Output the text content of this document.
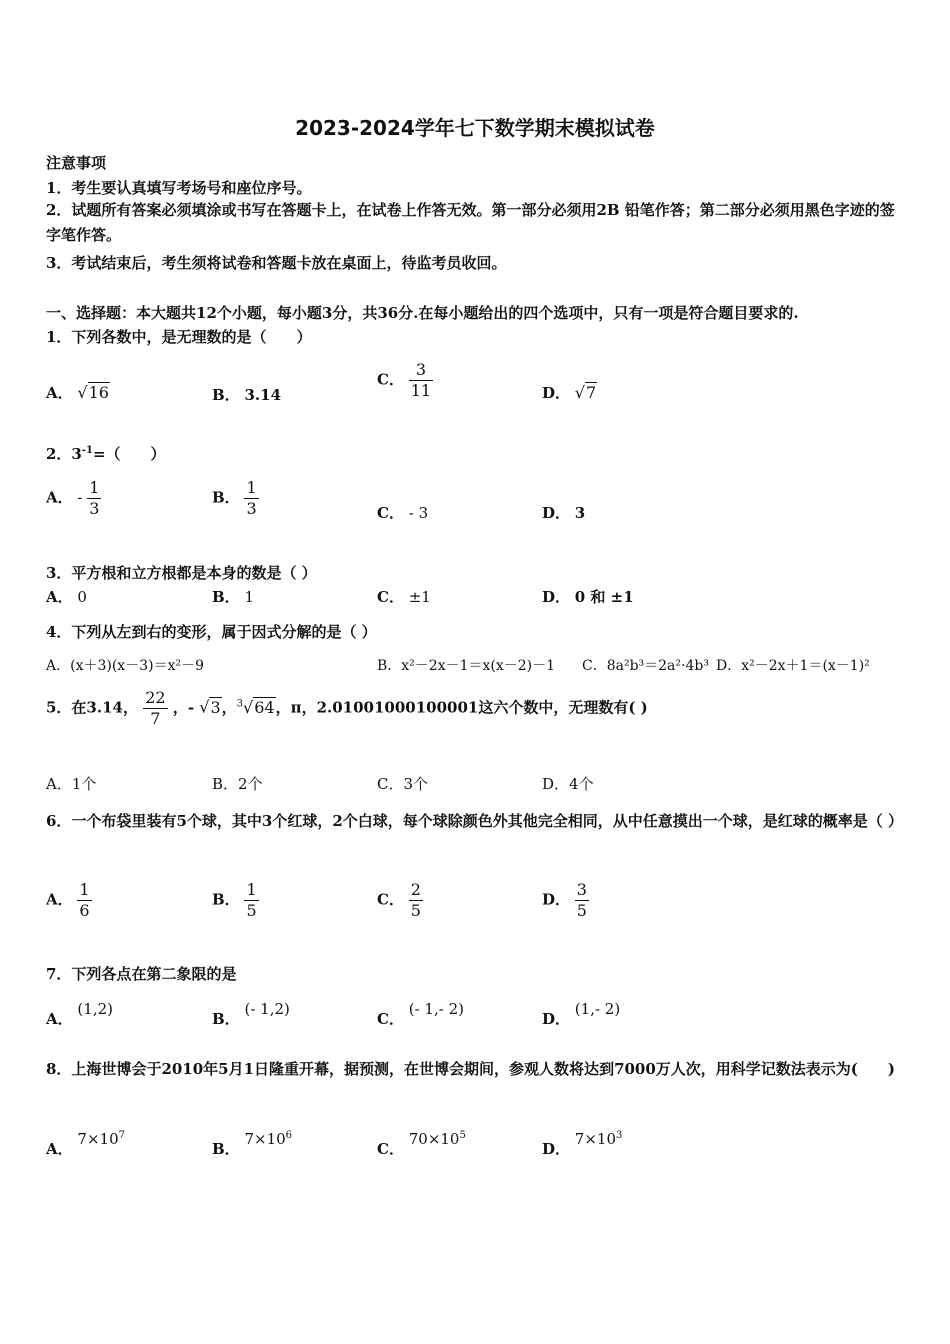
2023-2024学年七下数学期末模拟试卷
注意事项
1．考生要认真填写考场号和座位序号。
2．试题所有答案必须填涂或书写在答题卡上，在试卷上作答无效。第一部分必须用2B 铅笔作答；第二部分必须用黑色字迹的签字笔作答。
3．考试结束后，考生须将试卷和答题卡放在桌面上，待监考员收回。
一、选择题：本大题共12个小题，每小题3分，共36分.在每小题给出的四个选项中，只有一项是符合题目要求的.
1．下列各数中，是无理数的是（　　）
A． √16	B． 3.14
C． $\frac{3}{11}$	D． √7
2．$3^{-1}=$（　　）
A． - $\frac{1}{3}$	B． $\frac{1}{3}$	C． - 3	D． 3
3．平方根和立方根都是本身的数是（ ）
A． 0	B． 1	C． ±1	D． 0 和 ±1
4．下列从左到右的变形，属于因式分解的是（ ）
A．(x＋3)(x－3)＝x²－9	B．x²－2x－1＝x(x－2)－1 C．8a²b³＝2a²·4b³ D．x²－2x＋1＝(x－1)²
5．在3.14， $\frac{22}{7}$ ，- √3，$^3$√64，π，2.01001000100001这六个数中，无理数有( )
A．1个	B．2个	C．3个	D．4个
6．一个布袋里装有5个球，其中3个红球，2个白球，每个球除颜色外其他完全相同，从中任意摸出一个球，是红球的概率是（ ）
A． $\frac{1}{6}$	B． $\frac{1}{5}$	C． $\frac{2}{5}$	D． $\frac{3}{5}$
7．下列各点在第二象限的是
A． (1,2)
B． (- 1,2)
C． (- 1,- 2)
D． (1,- 2)
8．上海世博会于2010年5月1日隆重开幕，据预测，在世博会期间，参观人数将达到7000万人次，用科学记数法表示为(　　)
A． $7\times 10^7$
B． $7\times 10^6$
C． $70\times 10^5$
D． $7\times 10^3$
